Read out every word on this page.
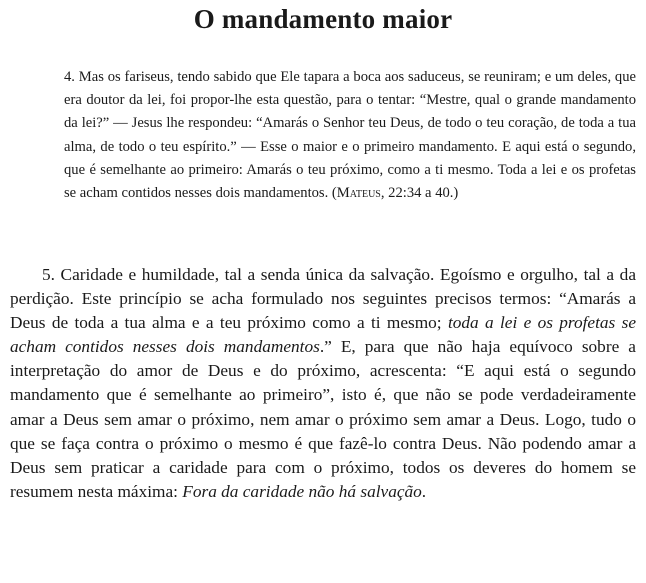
O mandamento maior

4. Mas os fariseus, tendo sabido que Ele tapara a boca aos saduceus, se reuniram; e um deles, que era doutor da lei, foi propor-lhe esta questão, para o tentar: “Mestre, qual o grande mandamento da lei?” — Jesus lhe respondeu: “Amarás o Senhor teu Deus, de todo o teu coração, de toda a tua alma, de todo o teu espírito.” — Esse o maior e o primeiro mandamento. E aqui está o segundo, que é semelhante ao primeiro: Amarás o teu próximo, como a ti mesmo. Toda a lei e os profetas se acham contidos nesses dois mandamentos. (Mateus, 22:34 a 40.)

5. Caridade e humildade, tal a senda única da salvação. Egoísmo e orgulho, tal a da perdição. Este princípio se acha formulado nos seguintes precisos termos: “Amarás a Deus de toda a tua alma e a teu próximo como a ti mesmo; toda a lei e os profetas se acham contidos nesses dois mandamentos.” E, para que não haja equívoco sobre a interpretação do amor de Deus e do próximo, acrescenta: “E aqui está o segundo mandamento que é semelhante ao primeiro”, isto é, que não se pode verdadeiramente amar a Deus sem amar o próximo, nem amar o próximo sem amar a Deus. Logo, tudo o que se faça contra o próximo o mesmo é que fazê-lo contra Deus. Não podendo amar a Deus sem praticar a caridade para com o próximo, todos os deveres do homem se resumem nesta máxima: Fora da caridade não há salvação.
